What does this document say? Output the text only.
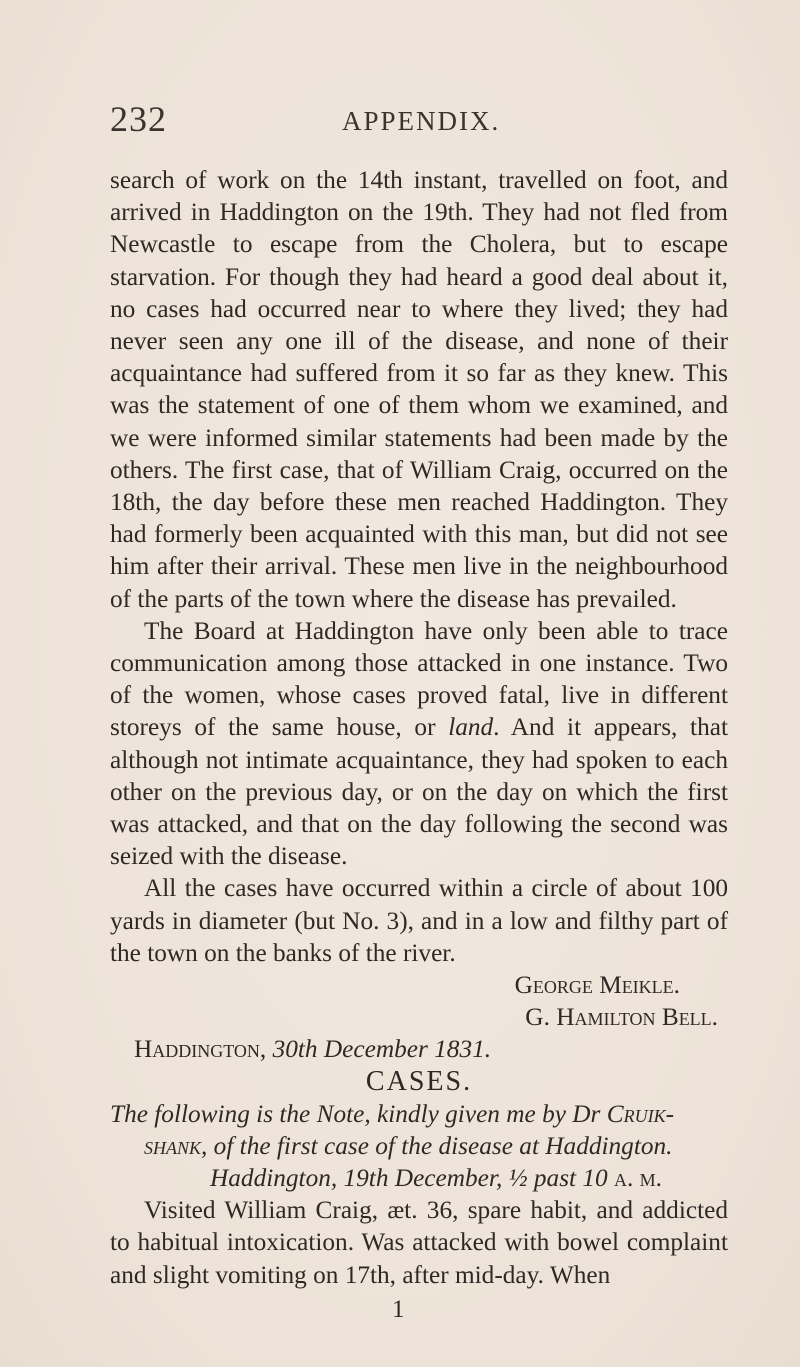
232	APPENDIX.

search of work on the 14th instant, travelled on foot, and arrived in Haddington on the 19th. They had not fled from Newcastle to escape from the Cholera, but to escape starvation. For though they had heard a good deal about it, no cases had occurred near to where they lived; they had never seen any one ill of the disease, and none of their acquaintance had suffered from it so far as they knew. This was the statement of one of them whom we examined, and we were informed similar statements had been made by the others. The first case, that of William Craig, occurred on the 18th, the day before these men reached Haddington. They had formerly been acquainted with this man, but did not see him after their arrival. These men live in the neighbourhood of the parts of the town where the disease has prevailed.

The Board at Haddington have only been able to trace communication among those attacked in one instance. Two of the women, whose cases proved fatal, live in different storeys of the same house, or land. And it appears, that although not intimate acquaintance, they had spoken to each other on the previous day, or on the day on which the first was attacked, and that on the day following the second was seized with the disease.

All the cases have occurred within a circle of about 100 yards in diameter (but No. 3), and in a low and filthy part of the town on the banks of the river.

George Meikle.

G. Hamilton Bell.

Haddington, 30th December 1831.

CASES.

The following is the Note, kindly given me by Dr Cruik-
shank, of the first case of the disease at Haddington.

Haddington, 19th December, ½ past 10 a. m.

Visited William Craig, æt. 36, spare habit, and addicted to habitual intoxication. Was attacked with bowel complaint and slight vomiting on 17th, after mid-day. When

1
